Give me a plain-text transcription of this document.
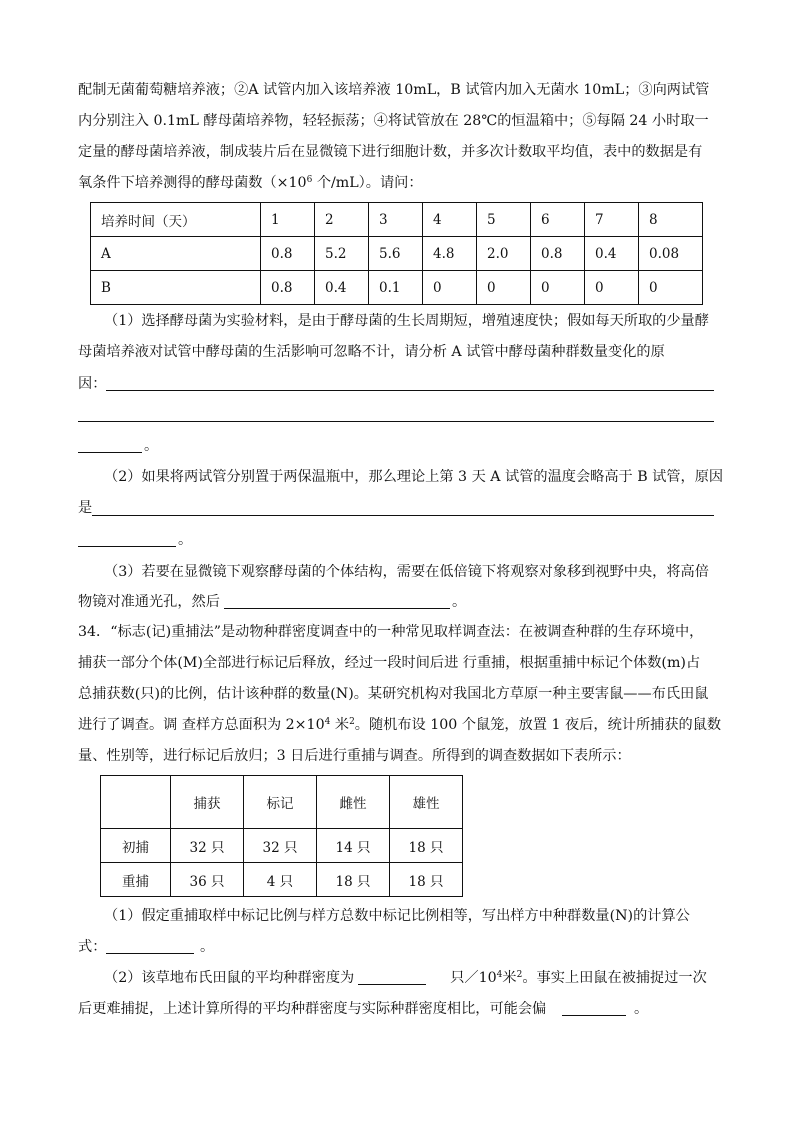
配制无菌葡萄糖培养液；②A 试管内加入该培养液 10mL，B 试管内加入无菌水 10mL；③向两试管
内分别注入 0.1mL 酵母菌培养物，轻轻振荡；④将试管放在 28℃的恒温箱中；⑤每隔 24 小时取一
定量的酵母菌培养液，制成装片后在显微镜下进行细胞计数，并多次计数取平均值，表中的数据是有
氧条件下培养测得的酵母菌数（$\times 10^6$ 个/mL）。请问：
培养时间（天）	1	2	3	4	5	6	7	8
A	0.8	5.2	5.6	4.8	2.0	0.8	0.4	0.08
B	0.8	0.4	0.1	0	0	0	0	0
（1）选择酵母菌为实验材料，是由于酵母菌的生长周期短，增殖速度快；假如每天所取的少量酵
母菌培养液对试管中酵母菌的生活影响可忽略不计，请分析 A 试管中酵母菌种群数量变化的原
因：
。
（2）如果将两试管分别置于两保温瓶中，那么理论上第 3 天 A 试管的温度会略高于 B 试管，原因
是
。
（3）若要在显微镜下观察酵母菌的个体结构，需要在低倍镜下将观察对象移到视野中央，将高倍
物镜对准通光孔，然后	。
34．“标志(记)重捕法”是动物种群密度调查中的一种常见取样调查法：在被调查种群的生存环境中，
捕获一部分个体(M)全部进行标记后释放，经过一段时间后进 行重捕，根据重捕中标记个体数(m)占
总捕获数(只)的比例，估计该种群的数量(N)。某研究机构对我国北方草原一种主要害鼠——布氏田鼠
进行了调查。调 查样方总面积为 $2\times 10^4$ 米$^2$。随机布设 100 个鼠笼，放置 1 夜后，统计所捕获的鼠数
量、性别等，进行标记后放归；3 日后进行重捕与调查。所得到的调查数据如下表所示：
	捕获	标记	雌性	雄性
初捕	32 只	32 只	14 只	18 只
重捕	36 只	4 只	18 只	18 只
（1）假定重捕取样中标记比例与样方总数中标记比例相等，写出样方中种群数量(N)的计算公
式：	。
（2）该草地布氏田鼠的平均种群密度为	只$/10^4$米$^2$。事实上田鼠在被捕捉过一次
后更难捕捉，上述计算所得的平均种群密度与实际种群密度相比，可能会偏	。
